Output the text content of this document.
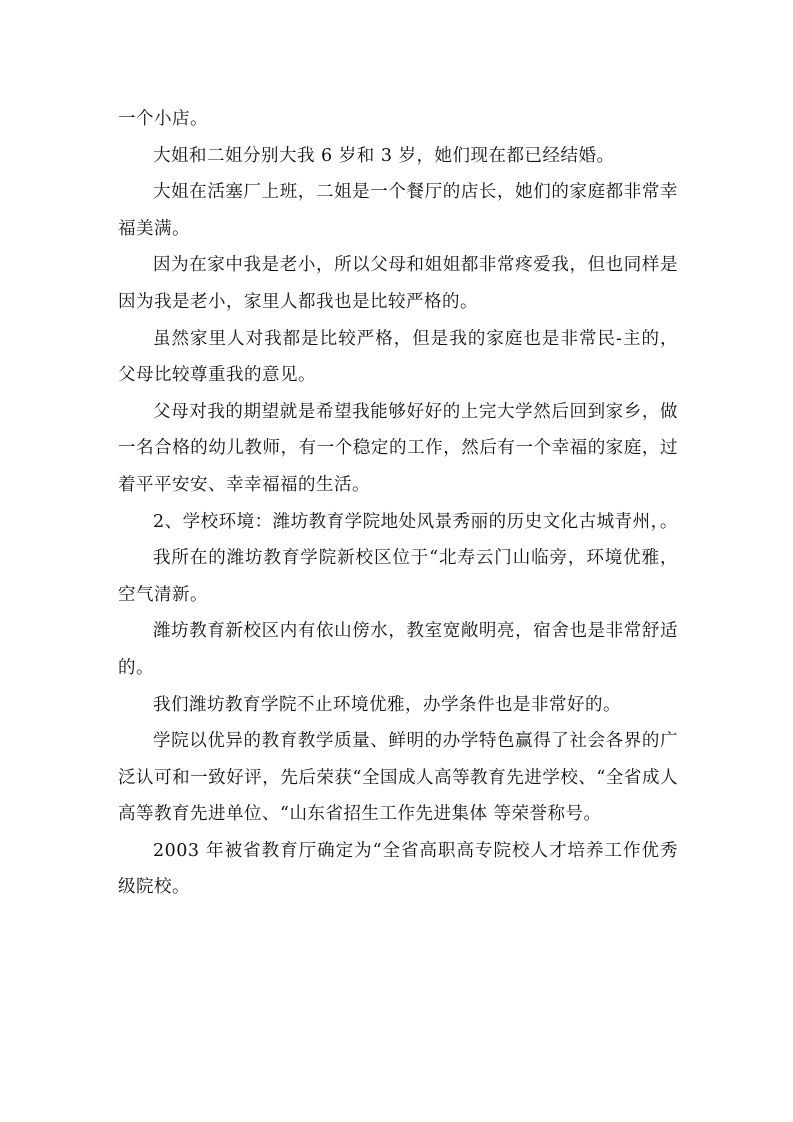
一个小店。

大姐和二姐分别大我 6 岁和 3 岁，她们现在都已经结婚。

大姐在活塞厂上班，二姐是一个餐厅的店长，她们的家庭都非常幸福美满。

因为在家中我是老小，所以父母和姐姐都非常疼爱我，但也同样是因为我是老小，家里人都我也是比较严格的。

虽然家里人对我都是比较严格，但是我的家庭也是非常民-主的，父母比较尊重我的意见。

父母对我的期望就是希望我能够好好的上完大学然后回到家乡，做一名合格的幼儿教师，有一个稳定的工作，然后有一个幸福的家庭，过着平平安安、幸幸福福的生活。

2、学校环境：潍坊教育学院地处风景秀丽的历史文化古城青州，。

我所在的潍坊教育学院新校区位于“北寿云门山临旁，环境优雅，空气清新。

潍坊教育新校区内有依山傍水，教室宽敞明亮，宿舍也是非常舒适的。

我们潍坊教育学院不止环境优雅，办学条件也是非常好的。

学院以优异的教育教学质量、鲜明的办学特色赢得了社会各界的广泛认可和一致好评，先后荣获“全国成人高等教育先进学校、“全省成人高等教育先进单位、“山东省招生工作先进集体 等荣誉称号。

2003 年被省教育厅确定为“全省高职高专院校人才培养工作优秀级院校。
